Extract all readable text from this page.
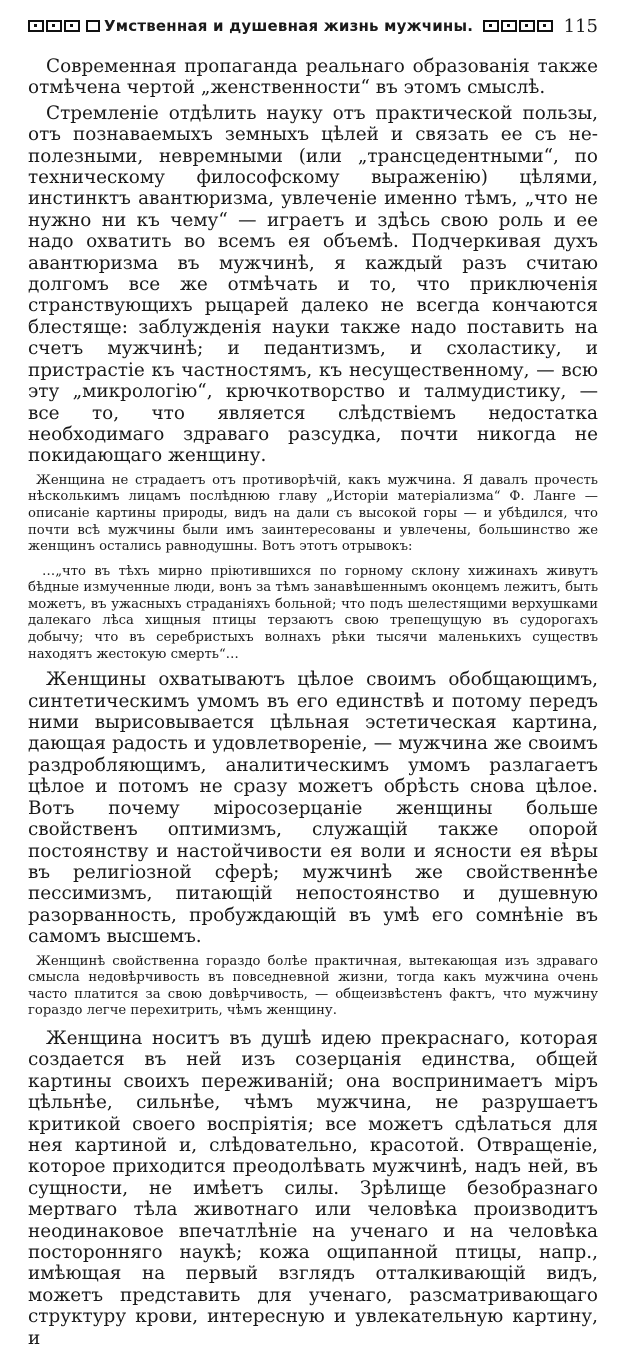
Умственная и душевная жизнь мужчины.	115

Современная пропаганда реальнаго образованія также отмѣчена чертой „женственности“ въ этомъ смыслѣ.

Стремленіе отдѣлить науку отъ практической пользы, отъ познаваемыхъ земныхъ цѣлей и связать ее съ не-полезными, невремными (или „трансцедентными“, по техническому философскому выраженію) цѣлями, инстинктъ авантюризма, увлеченіе именно тѣмъ, „что не нужно ни къ чему“ — играетъ и здѣсь свою роль и ее надо охватить во всемъ ея объемѣ. Подчеркивая духъ авантюризма въ мужчинѣ, я каждый разъ считаю долгомъ все же отмѣчать и то, что приключенія странствующихъ рыцарей далеко не всегда кончаются блестяще: заблужденія науки также надо поставить на счетъ мужчинѣ; и педантизмъ, и схоластику, и пристрастіе къ частностямъ, къ несущественному, — всю эту „микрологію“, крючкотворство и талмудистику, — все то, что является слѣдствіемъ недостатка необходимаго здраваго разсудка, почти никогда не покидающаго женщину.

Женщина не страдаетъ отъ противорѣчій, какъ мужчина. Я давалъ прочесть нѣсколькимъ лицамъ послѣднюю главу „Исторіи матеріализма“ Ф. Ланге — описаніе картины природы, видъ на дали съ высокой горы — и убѣдился, что почти всѣ мужчины были имъ заинтересованы и увлечены, большинство же женщинъ остались равнодушны. Вотъ этотъ отрывокъ:

…„что въ тѣхъ мирно пріютившихся по горному склону хижинахъ живутъ бѣдные измученные люди, вонъ за тѣмъ занавѣшеннымъ оконцемъ лежитъ, быть можетъ, въ ужасныхъ страданіяхъ больной; что подъ шелестящими верхушками далекаго лѣса хищныя птицы терзаютъ свою трепещущую въ судорогахъ добычу; что въ серебристыхъ волнахъ рѣки тысячи маленькихъ существъ находятъ жестокую смерть“…

Женщины охватываютъ цѣлое своимъ обобщающимъ, синтетическимъ умомъ въ его единствѣ и потому передъ ними вырисовывается цѣльная эстетическая картина, дающая радость и удовлетвореніе, — мужчина же своимъ раздробляющимъ, аналитическимъ умомъ разлагаетъ цѣлое и потомъ не сразу можетъ обрѣсть снова цѣлое. Вотъ почему міросозерцаніе женщины больше свойственъ оптимизмъ, служащій также опорой постоянству и настойчивости ея воли и ясности ея вѣры въ религіозной сферѣ; мужчинѣ же свойственнѣе пессимизмъ, питающій непостоянство и душевную разорванность, пробуждающій въ умѣ его сомнѣніе въ самомъ высшемъ.

Женщинѣ свойственна гораздо болѣе практичная, вытекающая изъ здраваго смысла недовѣрчивость въ повседневной жизни, тогда какъ мужчина очень часто платится за свою довѣрчивость, — общеизвѣстенъ фактъ, что мужчину гораздо легче перехитрить, чѣмъ женщину.

Женщина носитъ въ душѣ идею прекраснаго, которая создается въ ней изъ созерцанія единства, общей картины своихъ переживаній; она воспринимаетъ міръ цѣльнѣе, сильнѣе, чѣмъ мужчина, не разрушаетъ критикой своего воспріятія; все можетъ сдѣлаться для нея картиной и, слѣдовательно, красотой. Отвращеніе, которое приходится преодолѣвать мужчинѣ, надъ ней, въ сущности, не имѣетъ силы. Зрѣлище безобразнаго мертваго тѣла животнаго или человѣка производитъ неодинаковое впечатлѣніе на ученаго и на человѣка посторонняго наукѣ; кожа ощипанной птицы, напр., имѣющая на первый взглядъ отталкивающій видъ, можетъ представить для ученаго, разсматривающаго структуру крови, интересную и увлекательную картину, и
